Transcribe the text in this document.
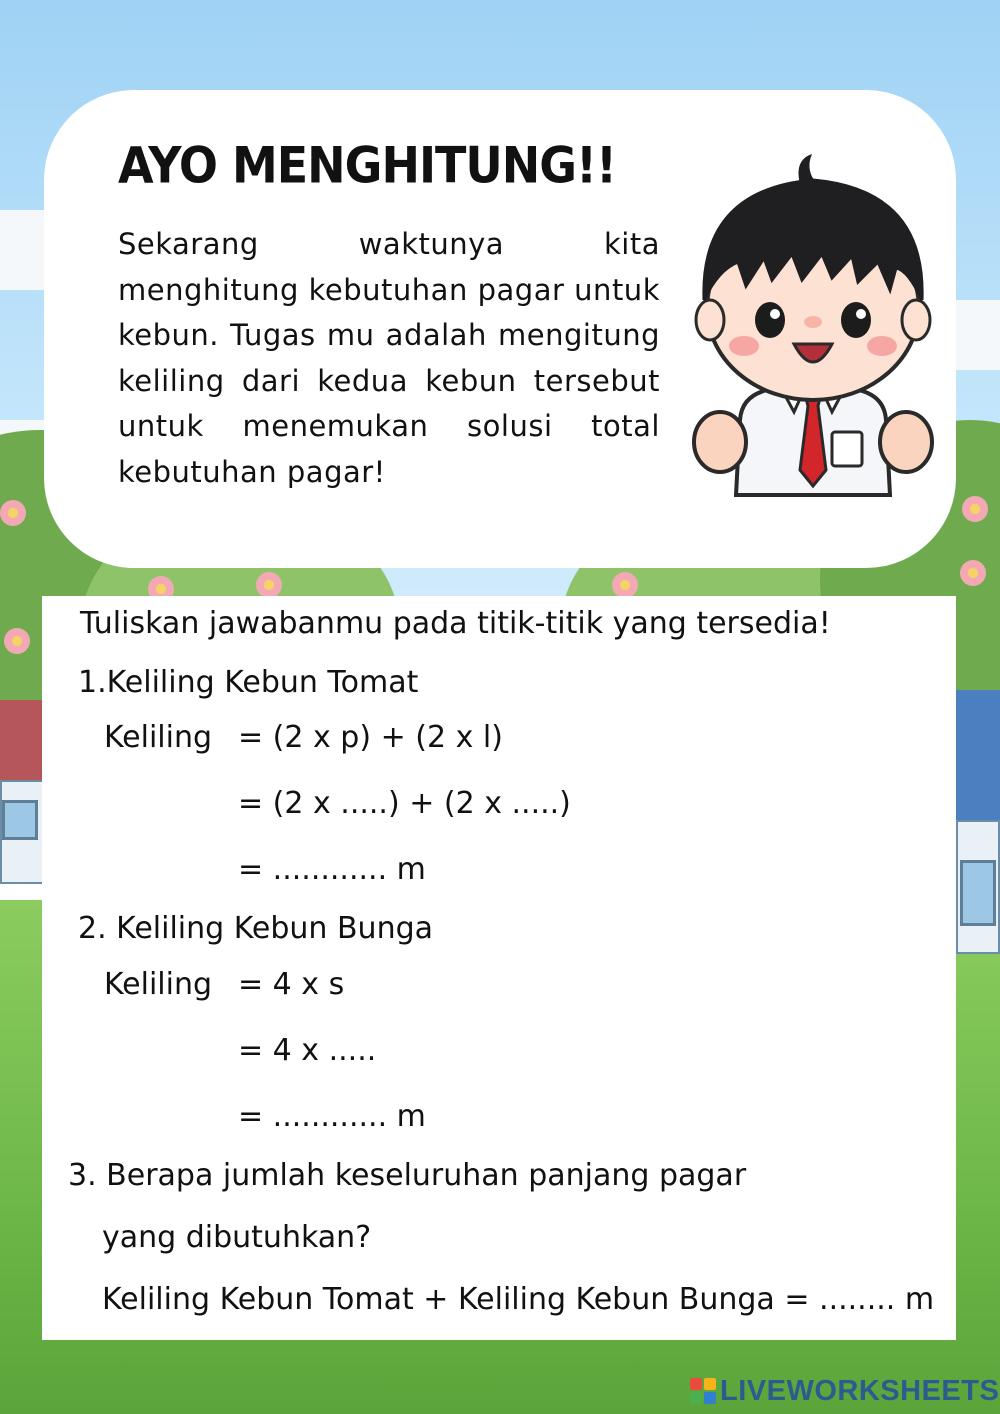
AYO MENGHITUNG!!

Sekarang waktunya kita menghitung kebutuhan pagar untuk kebun. Tugas mu adalah mengitung keliling dari kedua kebun tersebut untuk menemukan solusi total kebutuhan pagar!

Tuliskan jawabanmu pada titik-titik yang tersedia!

1.Keliling Kebun Tomat

Keliling = (2 x p) + (2 x l)

= (2 x .....) + (2 x .....)

= ............ m

2. Keliling Kebun Bunga

Keliling = 4 x s

= 4 x .....

= ............ m

3. Berapa jumlah keseluruhan panjang pagar

yang dibutuhkan?

Keliling Kebun Tomat + Keliling Kebun Bunga = ........ m

LIVEWORKSHEETS
